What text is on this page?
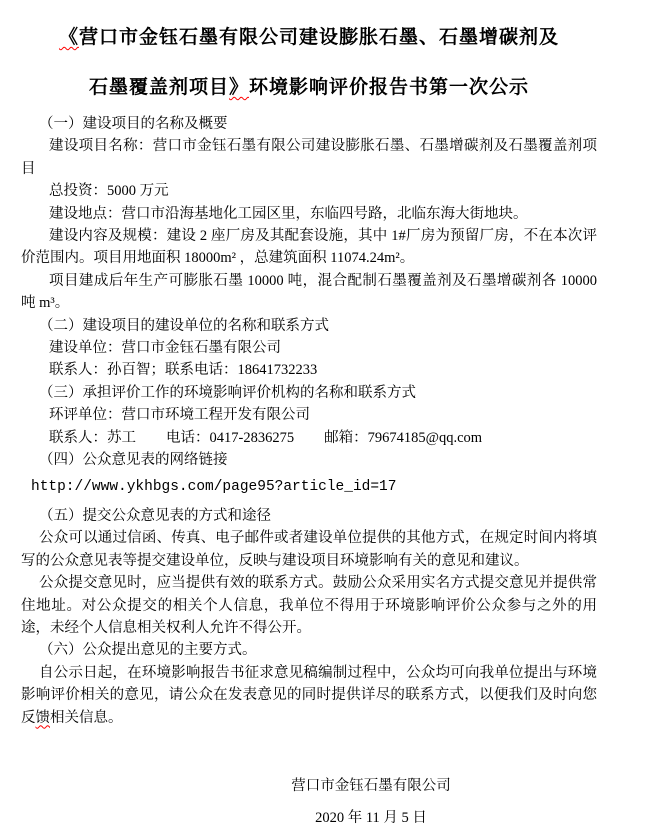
《营口市金钰石墨有限公司建设膨胀石墨、石墨增碳剂及
石墨覆盖剂项目》环境影响评价报告书第一次公示

（一）建设项目的名称及概要

建设项目名称：营口市金钰石墨有限公司建设膨胀石墨、石墨增碳剂及石墨覆盖剂项目

总投资：5000 万元

建设地点：营口市沿海基地化工园区里，东临四号路，北临东海大街地块。

建设内容及规模：建设 2 座厂房及其配套设施，其中 1#厂房为预留厂房，不在本次评价范围内。项目用地面积 18000m² ，总建筑面积 11074.24m²。

项目建成后年生产可膨胀石墨 10000 吨，混合配制石墨覆盖剂及石墨增碳剂各 10000 吨 m³。

（二）建设项目的建设单位的名称和联系方式

建设单位：营口市金钰石墨有限公司

联系人：孙百智；联系电话：18641732233

（三）承担评价工作的环境影响评价机构的名称和联系方式

环评单位：营口市环境工程开发有限公司

联系人：苏工 电话：0417-2836275 邮箱：79674185@qq.com

（四）公众意见表的网络链接

http://www.ykhbgs.com/page95?article_id=17

（五）提交公众意见表的方式和途径

公众可以通过信函、传真、电子邮件或者建设单位提供的其他方式，在规定时间内将填写的公众意见表等提交建设单位，反映与建设项目环境影响有关的意见和建议。

公众提交意见时，应当提供有效的联系方式。鼓励公众采用实名方式提交意见并提供常住地址。对公众提交的相关个人信息，我单位不得用于环境影响评价公众参与之外的用途，未经个人信息相关权利人允许不得公开。

（六）公众提出意见的主要方式。

自公示日起，在环境影响报告书征求意见稿编制过程中，公众均可向我单位提出与环境影响评价相关的意见，请公众在发表意见的同时提供详尽的联系方式，以便我们及时向您反馈相关信息。

营口市金钰石墨有限公司

2020 年 11 月 5 日
